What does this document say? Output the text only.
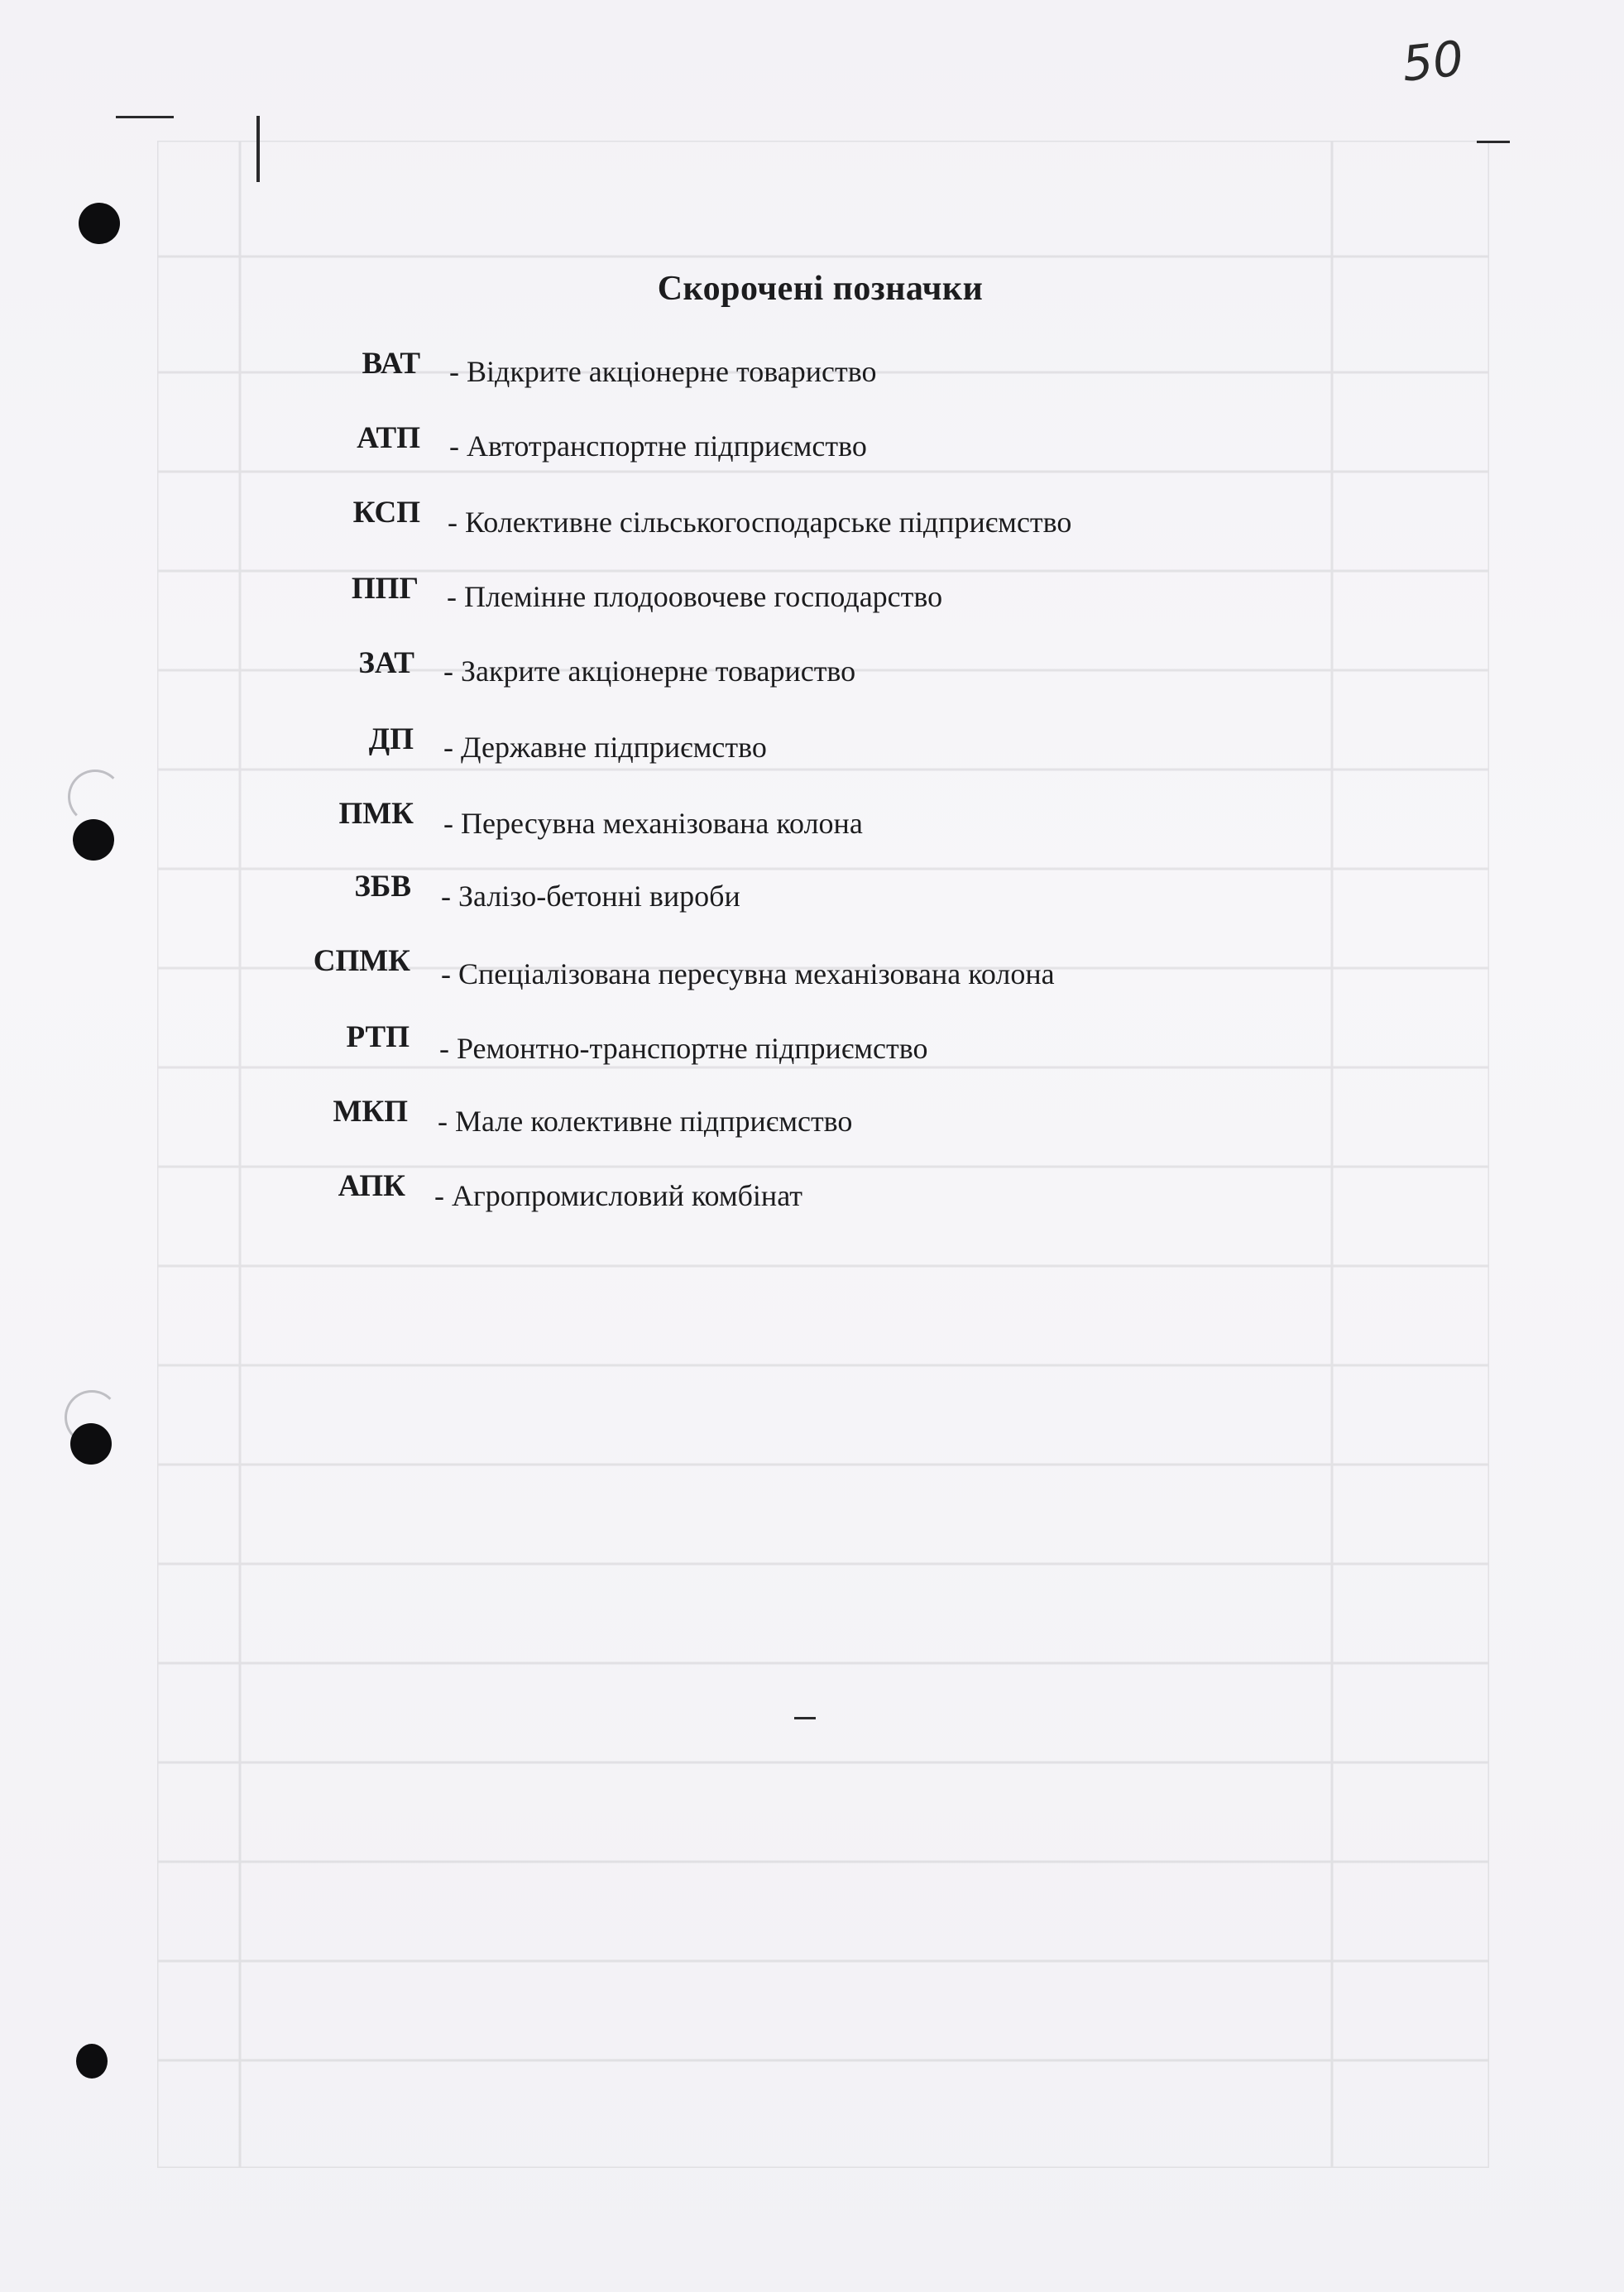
50
Скорочені позначки
ВАТ - Відкрите акціонерне товариство
АТП - Автотранспортне підприємство
КСП - Колективне сільськогосподарське підприємство
ППГ - Племінне плодоовочеве господарство
ЗАТ - Закрите акціонерне товариство
ДП - Державне підприємство
ПМК - Пересувна механізована колона
ЗБВ - Залізо-бетонні вироби
СПМК - Спеціалізована пересувна механізована колона
РТП - Ремонтно-транспортне підприємство
МКП - Мале колективне підприємство
АПК - Агропромисловий комбінат
